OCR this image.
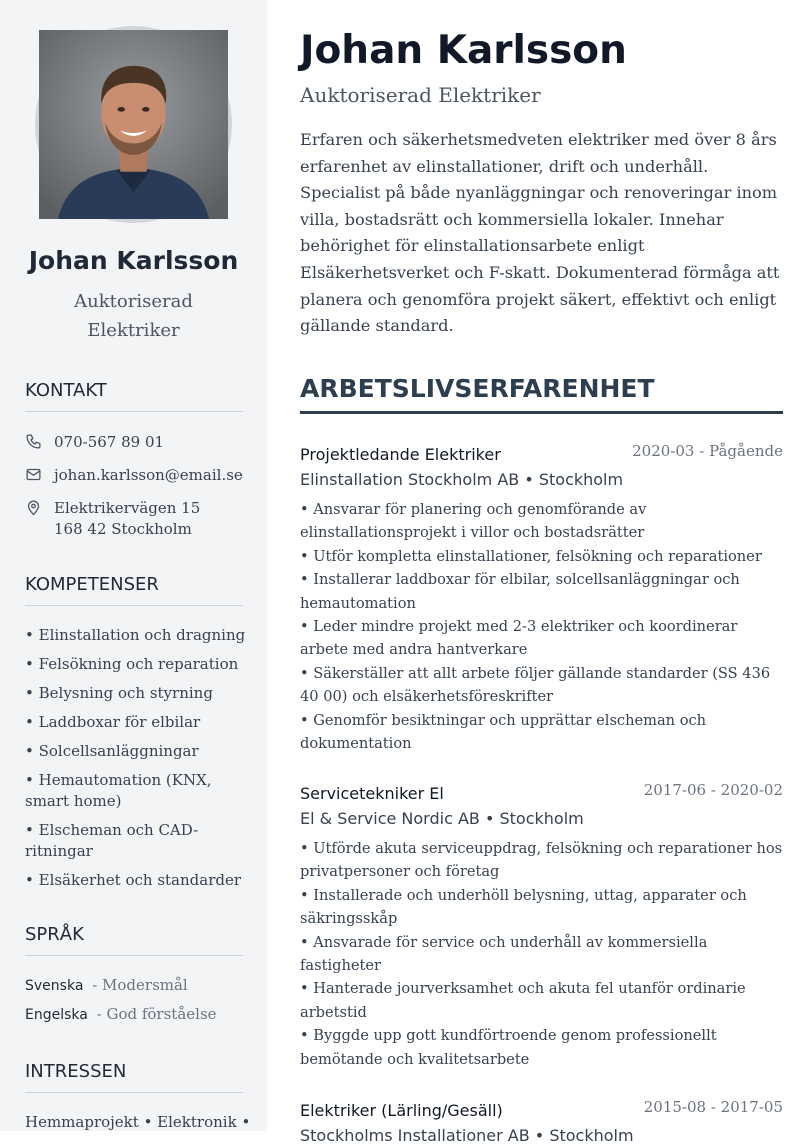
Johan Karlsson
Auktoriserad Elektriker
KONTAKT
070-567 89 01
johan.karlsson@email.se
Elektrikervägen 15
168 42 Stockholm
KOMPETENSER
• Elinstallation och dragning
• Felsökning och reparation
• Belysning och styrning
• Laddboxar för elbilar
• Solcellsanläggningar
• Hemautomation (KNX, smart home)
• Elscheman och CAD-ritningar
• Elsäkerhet och standarder
SPRÅK
Svenska - Modersmål
Engelska - God förståelse
INTRESSEN
Hemmaprojekt • Elektronik •
Johan Karlsson
Auktoriserad Elektriker

Erfaren och säkerhetsmedveten elektriker med över 8 års erfarenhet av elinstallationer, drift och underhåll. Specialist på både nyanläggningar och renoveringar inom villa, bostadsrätt och kommersiella lokaler. Innehar behörighet för elinstallationsarbete enligt Elsäkerhetsverket och F-skatt. Dokumenterad förmåga att planera och genomföra projekt säkert, effektivt och enligt gällande standard.

ARBETSLIVSERFARENHET
Projektledande Elektriker	2020-03 - Pågående
Elinstallation Stockholm AB • Stockholm
• Ansvarar för planering och genomförande av elinstallationsprojekt i villor och bostadsrätter
• Utför kompletta elinstallationer, felsökning och reparationer
• Installerar laddboxar för elbilar, solcellsanläggningar och hemautomation
• Leder mindre projekt med 2-3 elektriker och koordinerar arbete med andra hantverkare
• Säkerställer att allt arbete följer gällande standarder (SS 436 40 00) och elsäkerhetsföreskrifter
• Genomför besiktningar och upprättar elscheman och dokumentation
Servicetekniker El	2017-06 - 2020-02
El & Service Nordic AB • Stockholm
• Utförde akuta serviceuppdrag, felsökning och reparationer hos privatpersoner och företag
• Installerade och underhöll belysning, uttag, apparater och säkringsskåp
• Ansvarade för service och underhåll av kommersiella fastigheter
• Hanterade jourverksamhet och akuta fel utanför ordinarie arbetstid
• Byggde upp gott kundförtroende genom professionellt bemötande och kvalitetsarbete
Elektriker (Lärling/Gesäll)	2015-08 - 2017-05
Stockholms Installationer AB • Stockholm
